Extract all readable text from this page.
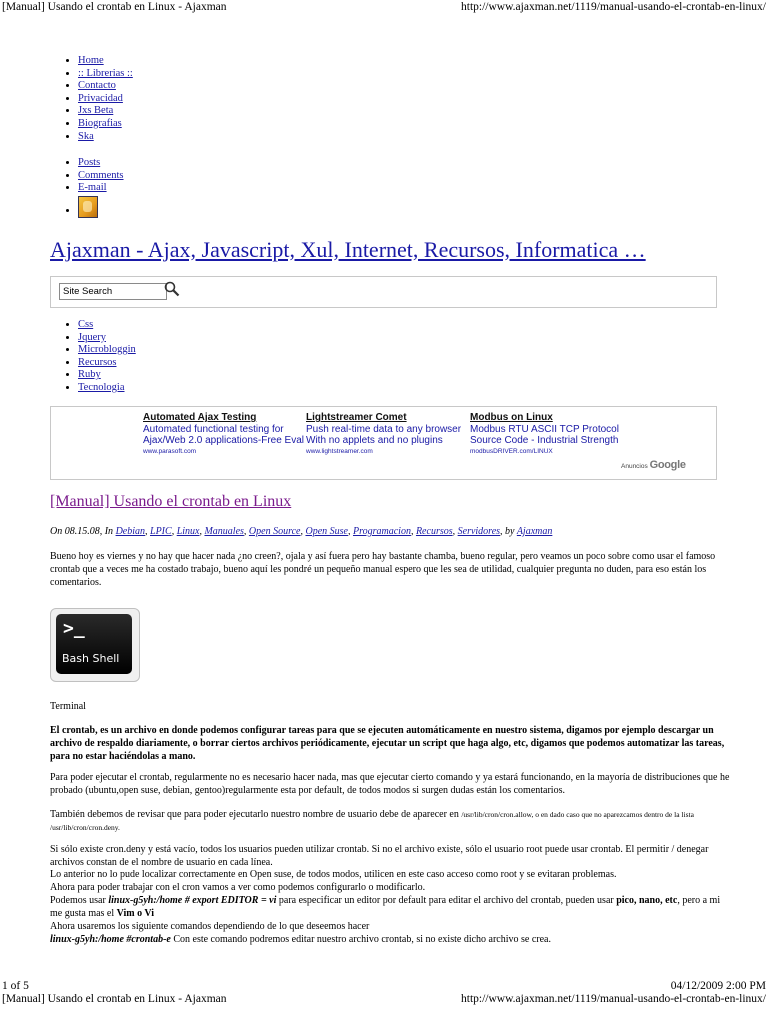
[Manual] Usando el crontab en Linux - Ajaxman	http://www.ajaxman.net/1119/manual-usando-el-crontab-en-linux/
• Home
• :: Librerias ::
• Contacto
• Privacidad
• Jxs Beta
• Biografias
• Ska
• Posts
• Comments
• E-mail
•
Ajaxman - Ajax, Javascript, Xul, Internet, Recursos, Informatica …
Site Search
• Css
• Jquery
• Microbloggin
• Recursos
• Ruby
• Tecnologia
Automated Ajax Testing
Automated functional testing for
Ajax/Web 2.0 applications-Free Eval
www.parasoft.com
Lightstreamer Comet
Push real-time data to any browser
With no applets and no plugins
www.lightstreamer.com
Modbus on Linux
Modbus RTU ASCII TCP Protocol
Source Code - Industrial Strength
modbusDRIVER.com/LINUX
Anuncios Google
[Manual] Usando el crontab en Linux
On 08.15.08, In Debian, LPIC, Linux, Manuales, Open Source, Open Suse, Programacion, Recursos, Servidores, by Ajaxman

Bueno hoy es viernes y no hay que hacer nada ¿no creen?, ojala y así fuera pero hay bastante chamba, bueno regular, pero veamos un poco sobre como usar el famoso crontab que a veces me ha costado trabajo, bueno aquí les pondré un pequeño manual espero que les sea de utilidad, cualquier pregunta no duden, para eso están los comentarios.

>_
Bash Shell

Terminal

El crontab, es un archivo en donde podemos configurar tareas para que se ejecuten automáticamente en nuestro sistema, digamos por ejemplo descargar un archivo de respaldo diariamente, o borrar ciertos archivos periódicamente, ejecutar un script que haga algo, etc, digamos que podemos automatizar las tareas, para no estar haciéndolas a mano.

Para poder ejecutar el crontab, regularmente no es necesario hacer nada, mas que ejecutar cierto comando y ya estará funcionando, en la mayoría de distribuciones que he probado (ubuntu,open suse, debian, gentoo)regularmente esta por default, de todos modos si surgen dudas están los comentarios.

También debemos de revisar que para poder ejecutarlo nuestro nombre de usuario debe de aparecer en /usr/lib/cron/cron.allow, o en dado caso que no aparezcamos dentro de la lista /usr/lib/cron/cron.deny.

Si sólo existe cron.deny y está vacío, todos los usuarios pueden utilizar crontab. Si no el archivo existe, sólo el usuario root puede usar crontab. El permitir / denegar archivos constan de el nombre de usuario en cada línea.

Lo anterior no lo pude localizar correctamente en Open suse, de todos modos, utilicen en este caso acceso como root y se evitaran problemas.
Ahora para poder trabajar con el cron vamos a ver como podemos configurarlo o modificarlo.
Podemos usar linux-g5yh:/home # export EDITOR = vi para especificar un editor por default para editar el archivo del crontab, pueden usar pico, nano, etc, pero a mi me gusta mas el Vim o Vi
Ahora usaremos los siguiente comandos dependiendo de lo que deseemos hacer
linux-g5yh:/home #crontab-e Con este comando podremos editar nuestro archivo crontab, si no existe dicho archivo se crea.
1 of 5	04/12/2009 2:00 PM
[Manual] Usando el crontab en Linux - Ajaxman	http://www.ajaxman.net/1119/manual-usando-el-crontab-en-linux/
